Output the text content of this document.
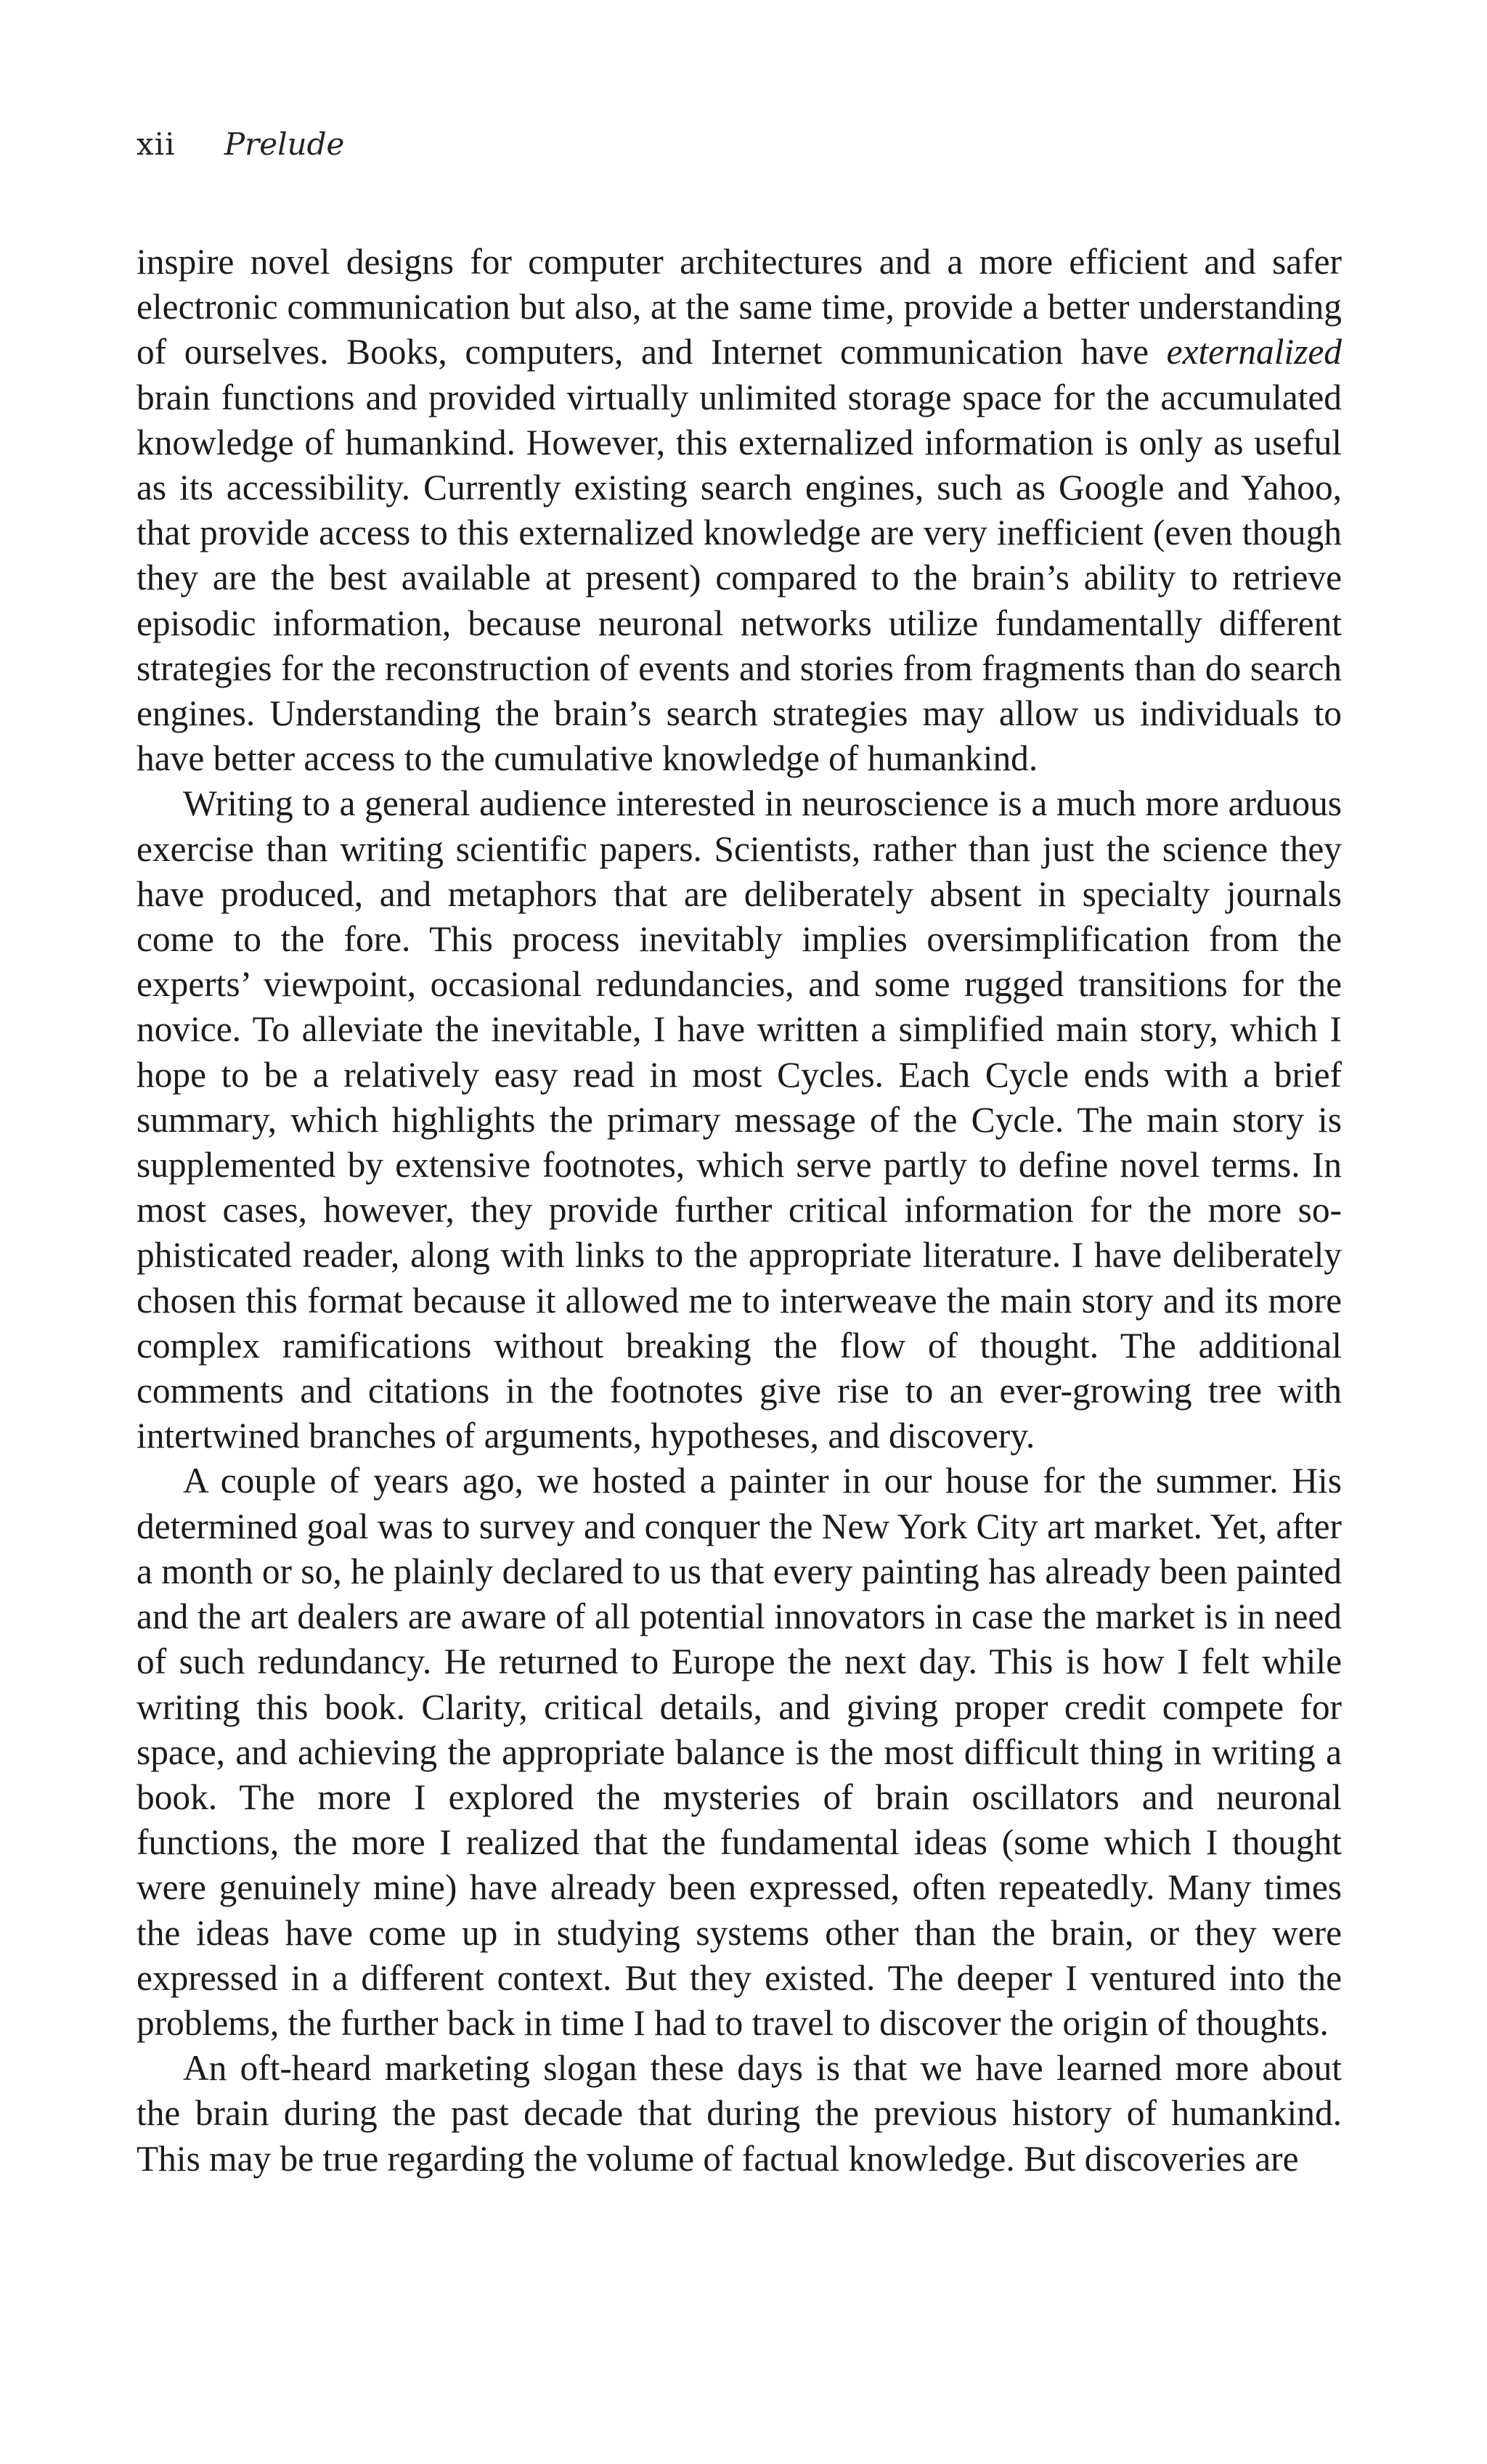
xii Prelude

inspire novel designs for computer architectures and a more efficient and safer electronic communication but also, at the same time, provide a better understanding of ourselves. Books, computers, and Internet communication have externalized brain functions and provided virtually unlimited storage space for the accumulated knowledge of humankind. However, this externalized information is only as useful as its accessibility. Currently existing search engines, such as Google and Yahoo, that provide access to this externalized knowledge are very inefficient (even though they are the best available at present) compared to the brain’s ability to retrieve episodic information, because neuronal networks utilize fundamentally different strategies for the reconstruction of events and stories from fragments than do search engines. Understanding the brain’s search strategies may allow us individuals to have better access to the cumulative knowledge of humankind.

Writing to a general audience interested in neuroscience is a much more arduous exercise than writing scientific papers. Scientists, rather than just the science they have produced, and metaphors that are deliberately absent in specialty journals come to the fore. This process inevitably implies oversimplification from the experts’ viewpoint, occasional redundancies, and some rugged transitions for the novice. To alleviate the inevitable, I have written a simplified main story, which I hope to be a relatively easy read in most Cycles. Each Cycle ends with a brief summary, which highlights the primary message of the Cycle. The main story is supplemented by extensive footnotes, which serve partly to define novel terms. In most cases, however, they provide further critical information for the more sophisticated reader, along with links to the appropriate literature. I have deliberately chosen this format because it allowed me to interweave the main story and its more complex ramifications without breaking the flow of thought. The additional comments and citations in the footnotes give rise to an ever-growing tree with intertwined branches of arguments, hypotheses, and discovery.

A couple of years ago, we hosted a painter in our house for the summer. His determined goal was to survey and conquer the New York City art market. Yet, after a month or so, he plainly declared to us that every painting has already been painted and the art dealers are aware of all potential innovators in case the market is in need of such redundancy. He returned to Europe the next day. This is how I felt while writing this book. Clarity, critical details, and giving proper credit compete for space, and achieving the appropriate balance is the most difficult thing in writing a book. The more I explored the mysteries of brain oscillators and neuronal functions, the more I realized that the fundamental ideas (some which I thought were genuinely mine) have already been expressed, often repeatedly. Many times the ideas have come up in studying systems other than the brain, or they were expressed in a different context. But they existed. The deeper I ventured into the problems, the further back in time I had to travel to discover the origin of thoughts.

An oft-heard marketing slogan these days is that we have learned more about the brain during the past decade that during the previous history of humankind. This may be true regarding the volume of factual knowledge. But discoveries are
